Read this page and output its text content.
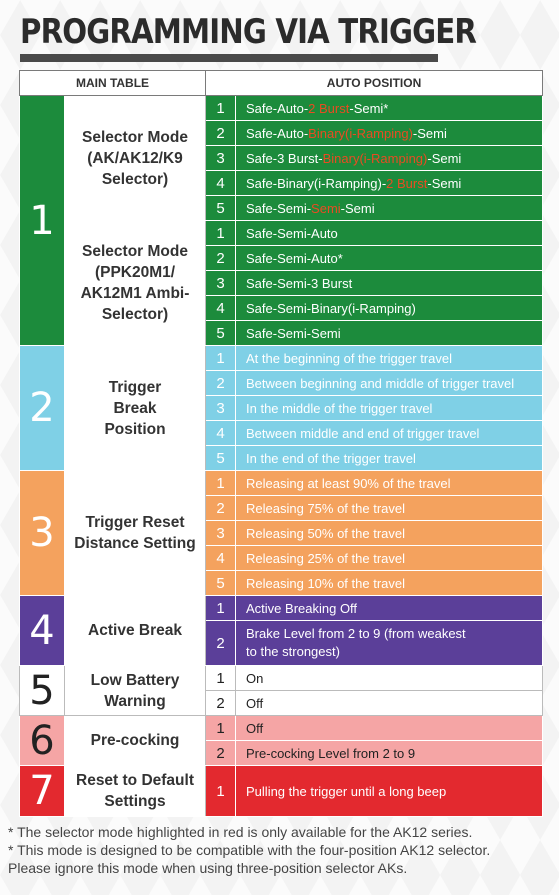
PROGRAMMING VIA TRIGGER
MAIN TABLE		AUTO POSITION	
1	Selector Mode (AK/AK12/K9 Selector)	1	Safe-Auto-2 Burst-Semi*
		2	Safe-Auto-Binary(i-Ramping)-Semi
		3	Safe-3 Burst-Binary(i-Ramping)-Semi
		4	Safe-Binary(i-Ramping)-2 Burst-Semi
		5	Safe-Semi-Semi-Semi
	Selector Mode (PPK20M1/ AK12M1 Ambi-Selector)	1	Safe-Semi-Auto
		2	Safe-Semi-Auto*
		3	Safe-Semi-3 Burst
		4	Safe-Semi-Binary(i-Ramping)
		5	Safe-Semi-Semi
2	Trigger Break Position	1	At the beginning of the trigger travel
		2	Between beginning and middle of trigger travel
		3	In the middle of the trigger travel
		4	Between middle and end of trigger travel
		5	In the end of the trigger travel
3	Trigger Reset Distance Setting	1	Releasing at least 90% of the travel
		2	Releasing 75% of the travel
		3	Releasing 50% of the travel
		4	Releasing 25% of the travel
		5	Releasing 10% of the travel
4	Active Break	1	Active Breaking Off
		2	Brake Level from 2 to 9 (from weakest
to the strongest)

5	Low Battery Warning	1	On
		2	Off
6	Pre-cocking	1	Off
		2	Pre-cocking Level from 2 to 9
7	Reset to Default Settings	1	Pulling the trigger until a long beep
* The selector mode highlighted in red is only available for the AK12 series.
* This mode is designed to be compatible with the four-position AK12 selector.
Please ignore this mode when using three-position selector AKs.
